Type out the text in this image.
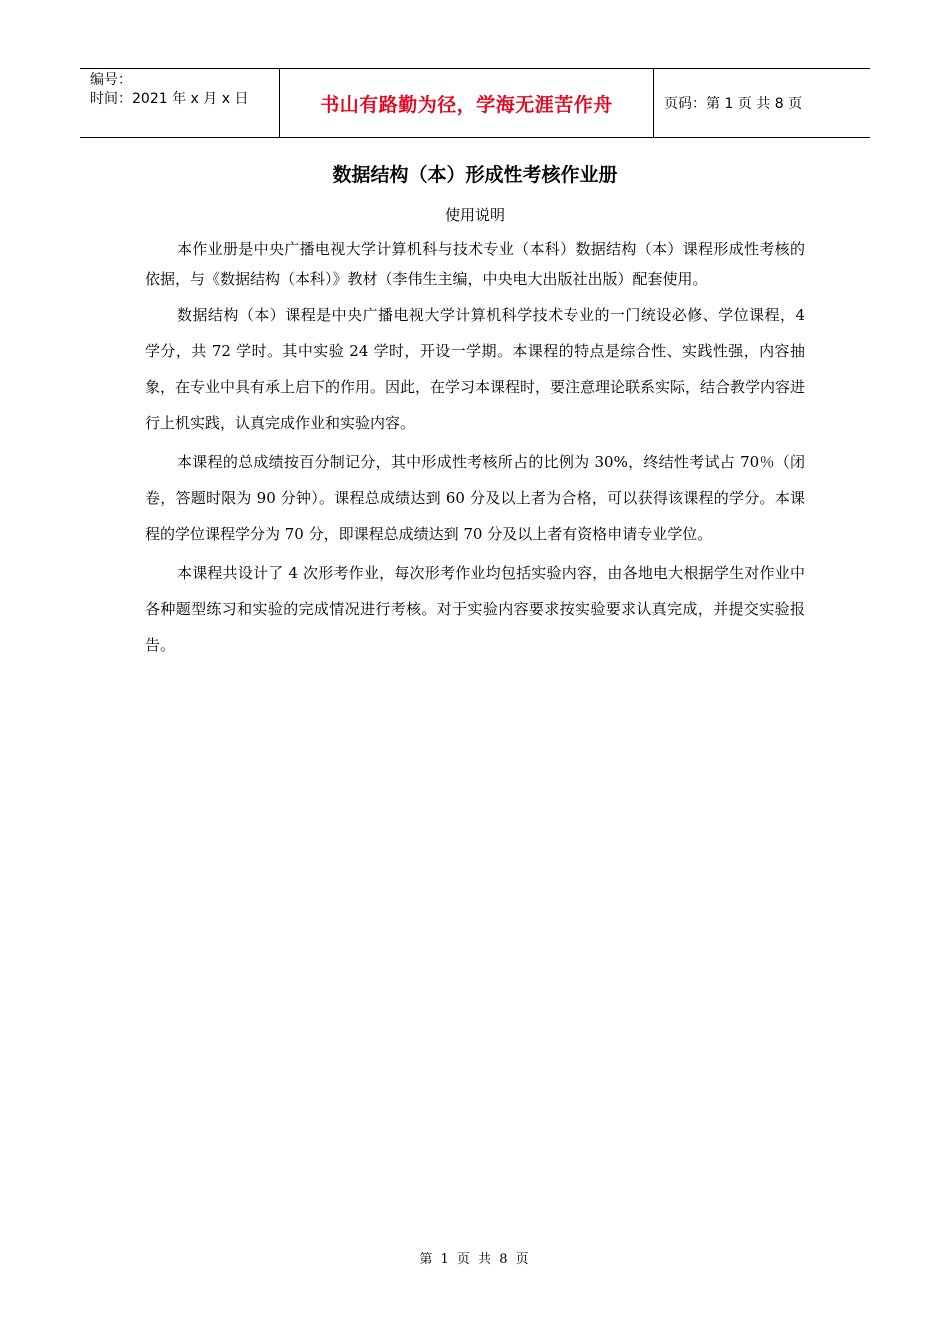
编号：
时间：2021 年 x 月 x 日	书山有路勤为径，学海无涯苦作舟	页码：第 1 页 共 8 页
数据结构（本）形成性考核作业册
使用说明

本作业册是中央广播电视大学计算机科与技术专业（本科）数据结构（本）课程形成性考核的依据，与《数据结构（本科）》教材（李伟生主编，中央电大出版社出版）配套使用。

数据结构（本）课程是中央广播电视大学计算机科学技术专业的一门统设必修、学位课程，4 学分，共 72 学时。其中实验 24 学时，开设一学期。本课程的特点是综合性、实践性强，内容抽象，在专业中具有承上启下的作用。因此，在学习本课程时，要注意理论联系实际，结合教学内容进行上机实践，认真完成作业和实验内容。

本课程的总成绩按百分制记分，其中形成性考核所占的比例为 30%，终结性考试占 70％（闭卷，答题时限为 90 分钟）。课程总成绩达到 60 分及以上者为合格，可以获得该课程的学分。本课程的学位课程学分为 70 分，即课程总成绩达到 70 分及以上者有资格申请专业学位。

本课程共设计了 4 次形考作业，每次形考作业均包括实验内容，由各地电大根据学生对作业中各种题型练习和实验的完成情况进行考核。对于实验内容要求按实验要求认真完成，并提交实验报告。

第 1 页 共 8 页
